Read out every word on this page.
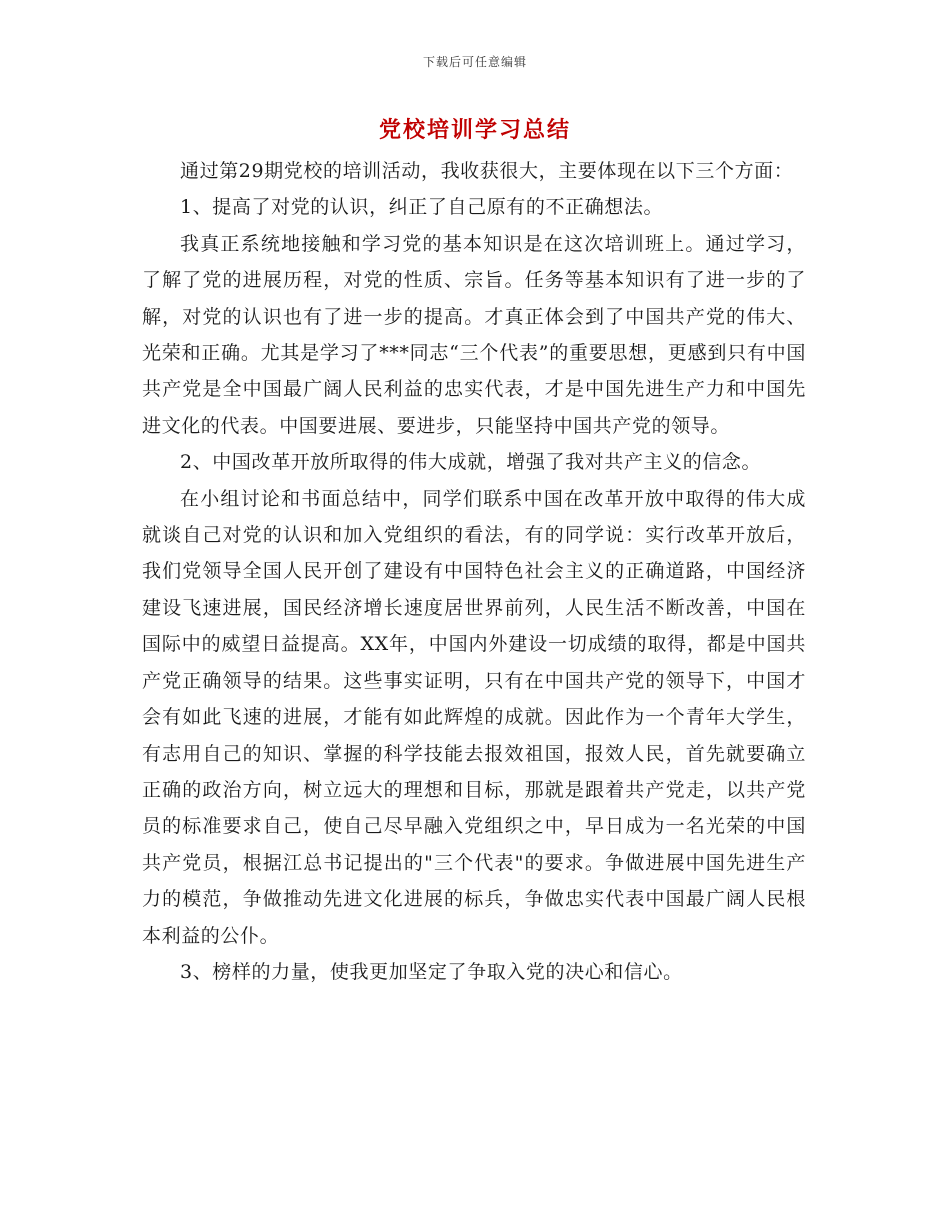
下载后可任意编辑
党校培训学习总结

通过第29期党校的培训活动，我收获很大，主要体现在以下三个方面：

1、提高了对党的认识，纠正了自己原有的不正确想法。

我真正系统地接触和学习党的基本知识是在这次培训班上。通过学习，了解了党的进展历程，对党的性质、宗旨。任务等基本知识有了进一步的了解，对党的认识也有了进一步的提高。才真正体会到了中国共产党的伟大、光荣和正确。尤其是学习了***同志“三个代表”的重要思想，更感到只有中国共产党是全中国最广阔人民利益的忠实代表，才是中国先进生产力和中国先进文化的代表。中国要进展、要进步，只能坚持中国共产党的领导。

2、中国改革开放所取得的伟大成就，增强了我对共产主义的信念。

在小组讨论和书面总结中，同学们联系中国在改革开放中取得的伟大成就谈自己对党的认识和加入党组织的看法，有的同学说：实行改革开放后，我们党领导全国人民开创了建设有中国特色社会主义的正确道路，中国经济建设飞速进展，国民经济增长速度居世界前列，人民生活不断改善，中国在国际中的威望日益提高。XX年，中国内外建设一切成绩的取得，都是中国共产党正确领导的结果。这些事实证明，只有在中国共产党的领导下，中国才会有如此飞速的进展，才能有如此辉煌的成就。因此作为一个青年大学生，有志用自己的知识、掌握的科学技能去报效祖国，报效人民，首先就要确立正确的政治方向，树立远大的理想和目标，那就是跟着共产党走，以共产党员的标准要求自己，使自己尽早融入党组织之中，早日成为一名光荣的中国共产党员，根据江总书记提出的"三个代表"的要求。争做进展中国先进生产力的模范，争做推动先进文化进展的标兵，争做忠实代表中国最广阔人民根本利益的公仆。

3、榜样的力量，使我更加坚定了争取入党的决心和信心。
